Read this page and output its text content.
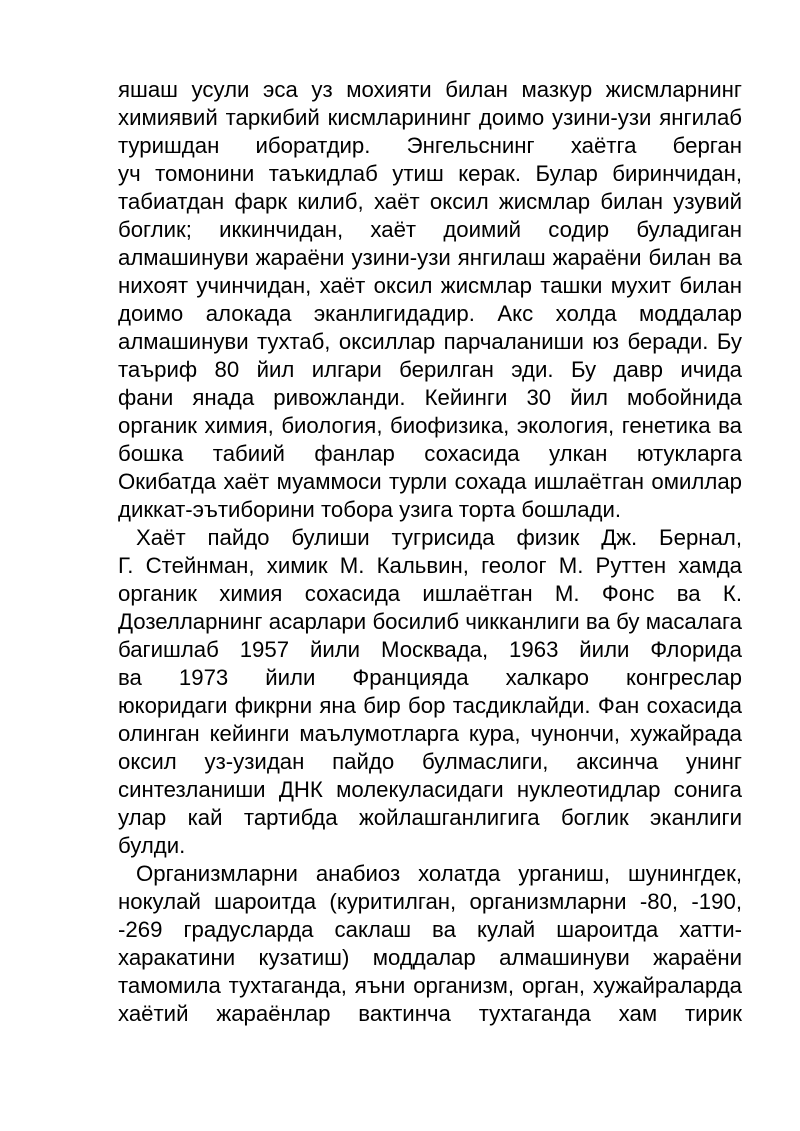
яшаш усули эса уз мохияти билан мазкур жисмларнинг
химиявий таркибий кисмларининг доимо узини-узи янгилаб
туришдан иборатдир. Энгельснинг хаётга берган
уч томонини таъкидлаб утиш керак. Булар биринчидан,
табиатдан фарк килиб, хаёт оксил жисмлар билан узувий
боглик; иккинчидан, хаёт доимий содир буладиган
алмашинуви жараёни узини-узи янгилаш жараёни билан ва
нихоят учинчидан, хаёт оксил жисмлар ташки мухит билан
доимо алокада эканлигидадир. Акс холда моддалар
алмашинуви тухтаб, оксиллар парчаланиши юз беради. Бу
таъриф 80 йил илгари берилган эди. Бу давр ичида
фани янада ривожланди. Кейинги 30 йил мобойнида
органик химия, биология, биофизика, экология, генетика ва
бошка табиий фанлар сохасида улкан ютукларга
Окибатда хаёт муаммоси турли сохада ишлаётган омиллар
диккат-эътиборини тобора узига торта бошлади.
Хаёт пайдо булиши тугрисида физик Дж. Бернал,
Г. Стейнман, химик М. Кальвин, геолог М. Руттен хамда
органик химия сохасида ишлаётган М. Фонс ва К.
Дозелларнинг асарлари босилиб чикканлиги ва бу масалага
багишлаб 1957 йили Москвада, 1963 йили Флорида
ва 1973 йили Францияда халкаро конгреслар
юкоридаги фикрни яна бир бор тасдиклайди. Фан сохасида
олинган кейинги маълумотларга кура, чунончи, хужайрада
оксил уз-узидан пайдо булмаслиги, аксинча унинг
синтезланиши ДНК молекуласидаги нуклеотидлар сонига
улар кай тартибда жойлашганлигига боглик эканлиги
булди.
Организмларни анабиоз холатда урганиш, шунингдек,
нокулай шароитда (куритилган, организмларни -80, -190,
-269 градусларда саклаш ва кулай шароитда хатти-
харакатини кузатиш) моддалар алмашинуви жараёни
тамомила тухтаганда, яъни организм, орган, хужайраларда
хаётий жараёнлар вактинча тухтаганда хам тирик
